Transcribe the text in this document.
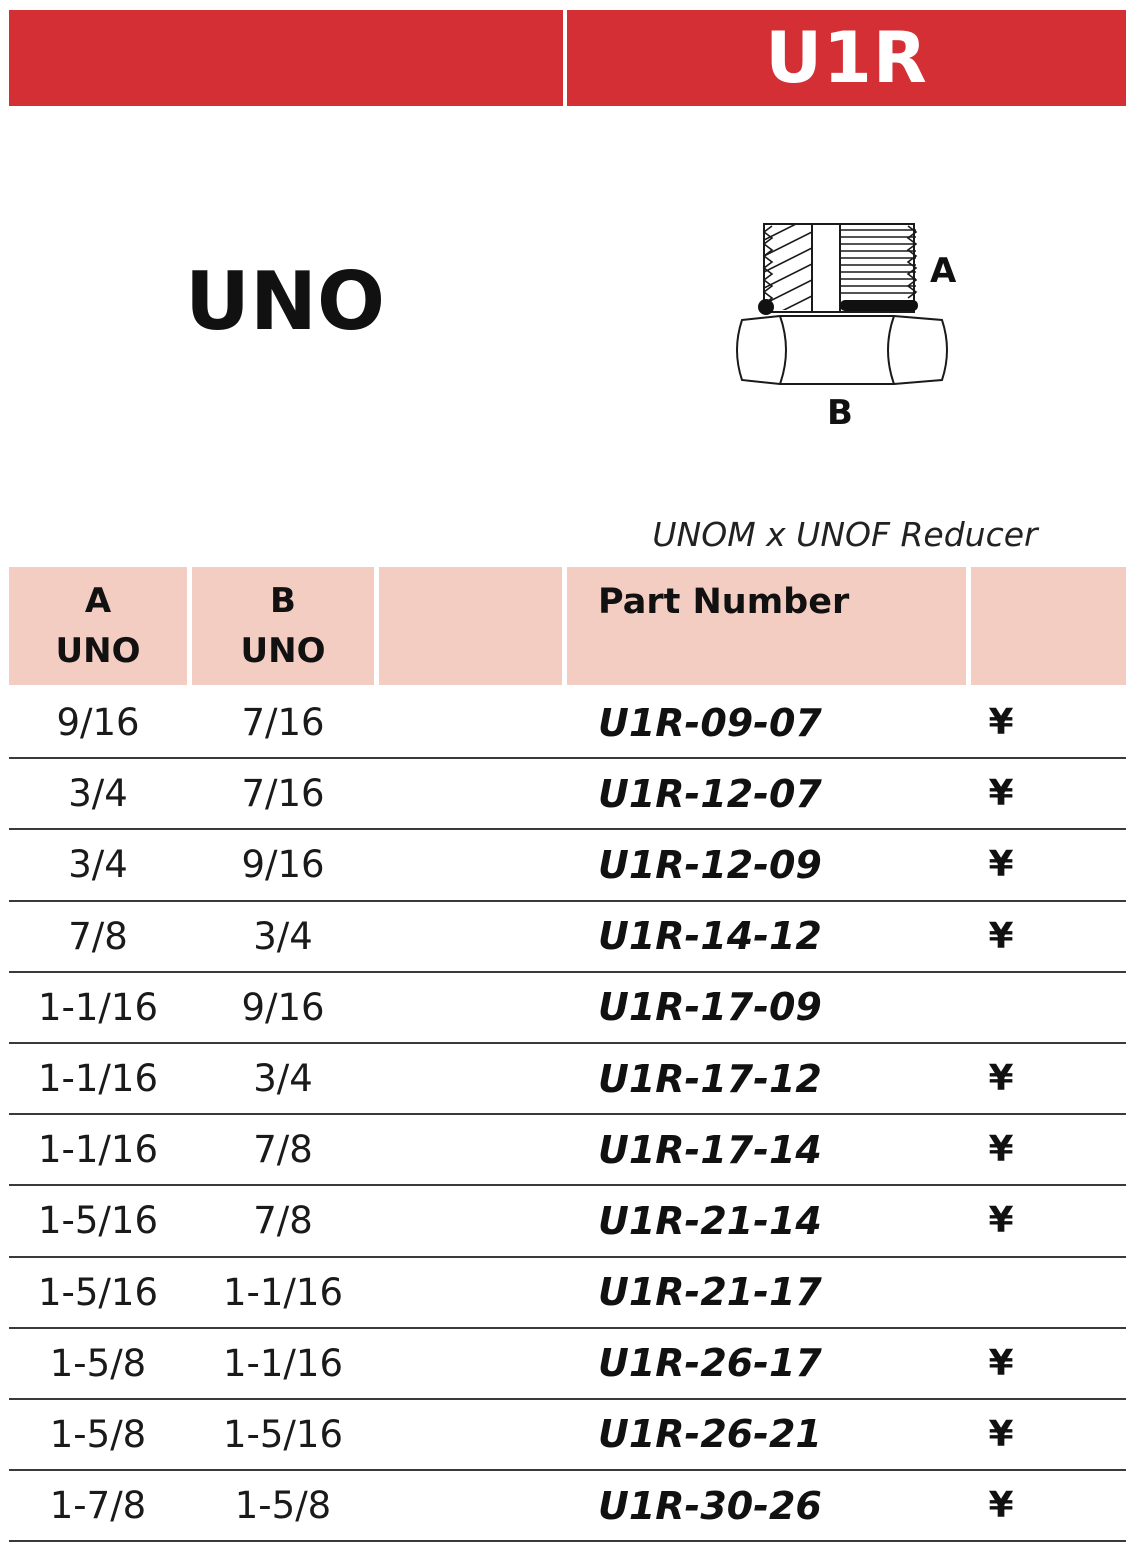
U1R
UNO	A
B
UNOM x UNOF Reducer
A
UNO
B
UNO
Part Number
9/16	7/16	U1R-09-07	¥
3/4	7/16	U1R-12-07	¥
3/4	9/16	U1R-12-09	¥
7/8	3/4	U1R-14-12	¥
1-1/16	9/16	U1R-17-09
1-1/16	3/4	U1R-17-12	¥
1-1/16	7/8	U1R-17-14	¥
1-5/16	7/8	U1R-21-14	¥
1-5/16	1-1/16	U1R-21-17
1-5/8	1-1/16	U1R-26-17	¥
1-5/8	1-5/16	U1R-26-21	¥
1-7/8	1-5/8	U1R-30-26	¥
